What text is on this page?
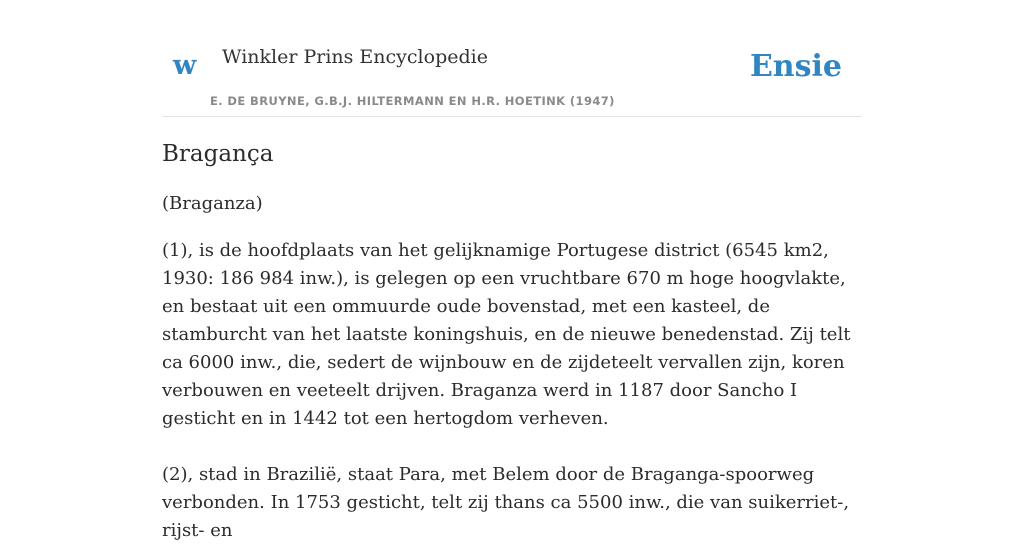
w Winkler Prins Encyclopedie
E. DE BRUYNE, G.B.J. HILTERMANN EN H.R. HOETINK (1947)
Ensie
Bragança

(Braganza)

(1), is de hoofdplaats van het gelijknamige Portugese district (6545 km2, 1930: 186 984 inw.), is gelegen op een vruchtbare 670 m hoge hoogvlakte, en bestaat uit een ommuurde oude bovenstad, met een kasteel, de stamburcht van het laatste koningshuis, en de nieuwe benedenstad. Zij telt ca 6000 inw., die, sedert de wijnbouw en de zijdeteelt vervallen zijn, koren verbouwen en veeteelt drijven. Braganza werd in 1187 door Sancho I gesticht en in 1442 tot een hertogdom verheven.

(2), stad in Brazilië, staat Para, met Belem door de Braganga-spoorweg verbonden. In 1753 gesticht, telt zij thans ca 5500 inw., die van suikerriet-, rijst- en
